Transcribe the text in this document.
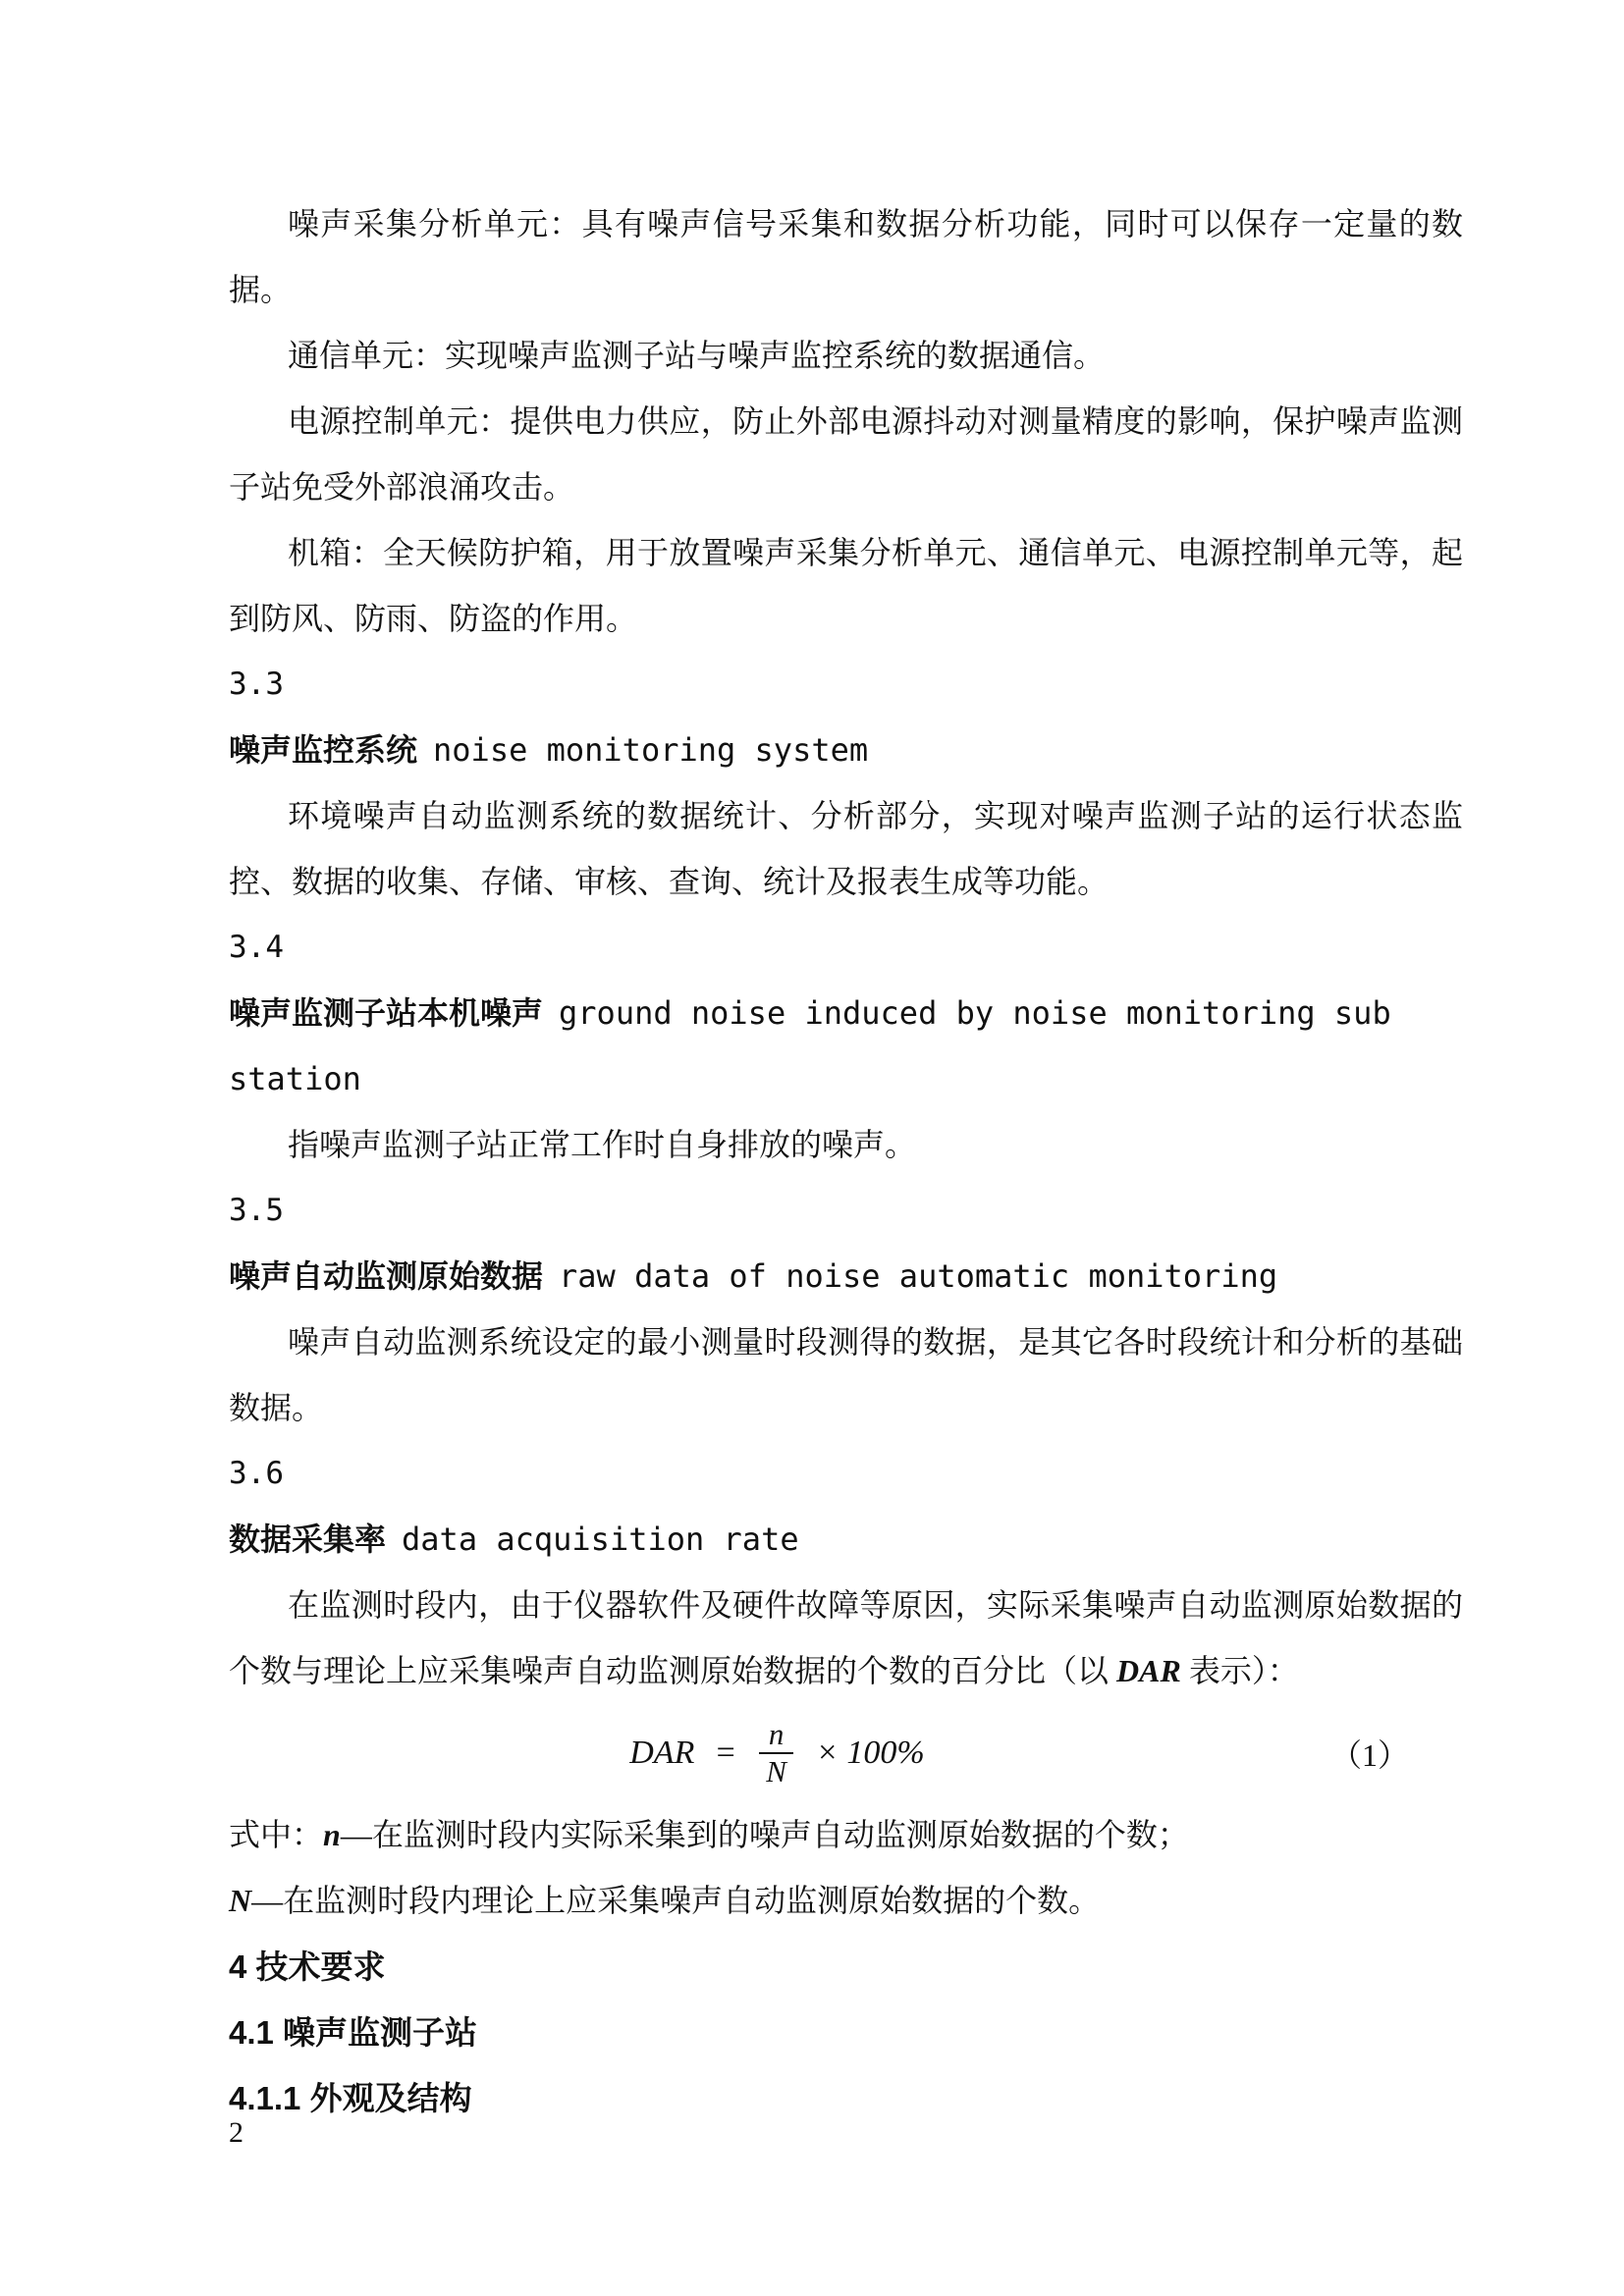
噪声采集分析单元：具有噪声信号采集和数据分析功能，同时可以保存一定量的数据。

通信单元：实现噪声监测子站与噪声监控系统的数据通信。

电源控制单元：提供电力供应，防止外部电源抖动对测量精度的影响，保护噪声监测子站免受外部浪涌攻击。

机箱：全天候防护箱，用于放置噪声采集分析单元、通信单元、电源控制单元等，起到防风、防雨、防盗的作用。

3.3

噪声监控系统 noise monitoring system

环境噪声自动监测系统的数据统计、分析部分，实现对噪声监测子站的运行状态监控、数据的收集、存储、审核、查询、统计及报表生成等功能。

3.4

噪声监测子站本机噪声 ground noise induced by noise monitoring sub station

指噪声监测子站正常工作时自身排放的噪声。

3.5

噪声自动监测原始数据 raw data of noise automatic monitoring

噪声自动监测系统设定的最小测量时段测得的数据，是其它各时段统计和分析的基础数据。

3.6

数据采集率 data acquisition rate

在监测时段内，由于仪器软件及硬件故障等原因，实际采集噪声自动监测原始数据的个数与理论上应采集噪声自动监测原始数据的个数的百分比（以 DAR 表示）：

DAR = $\frac{n}{N} \times 100\%$	（1）

式中：n—在监测时段内实际采集到的噪声自动监测原始数据的个数；

N—在监测时段内理论上应采集噪声自动监测原始数据的个数。

4 技术要求
4.1 噪声监测子站
4.1.1 外观及结构
2
